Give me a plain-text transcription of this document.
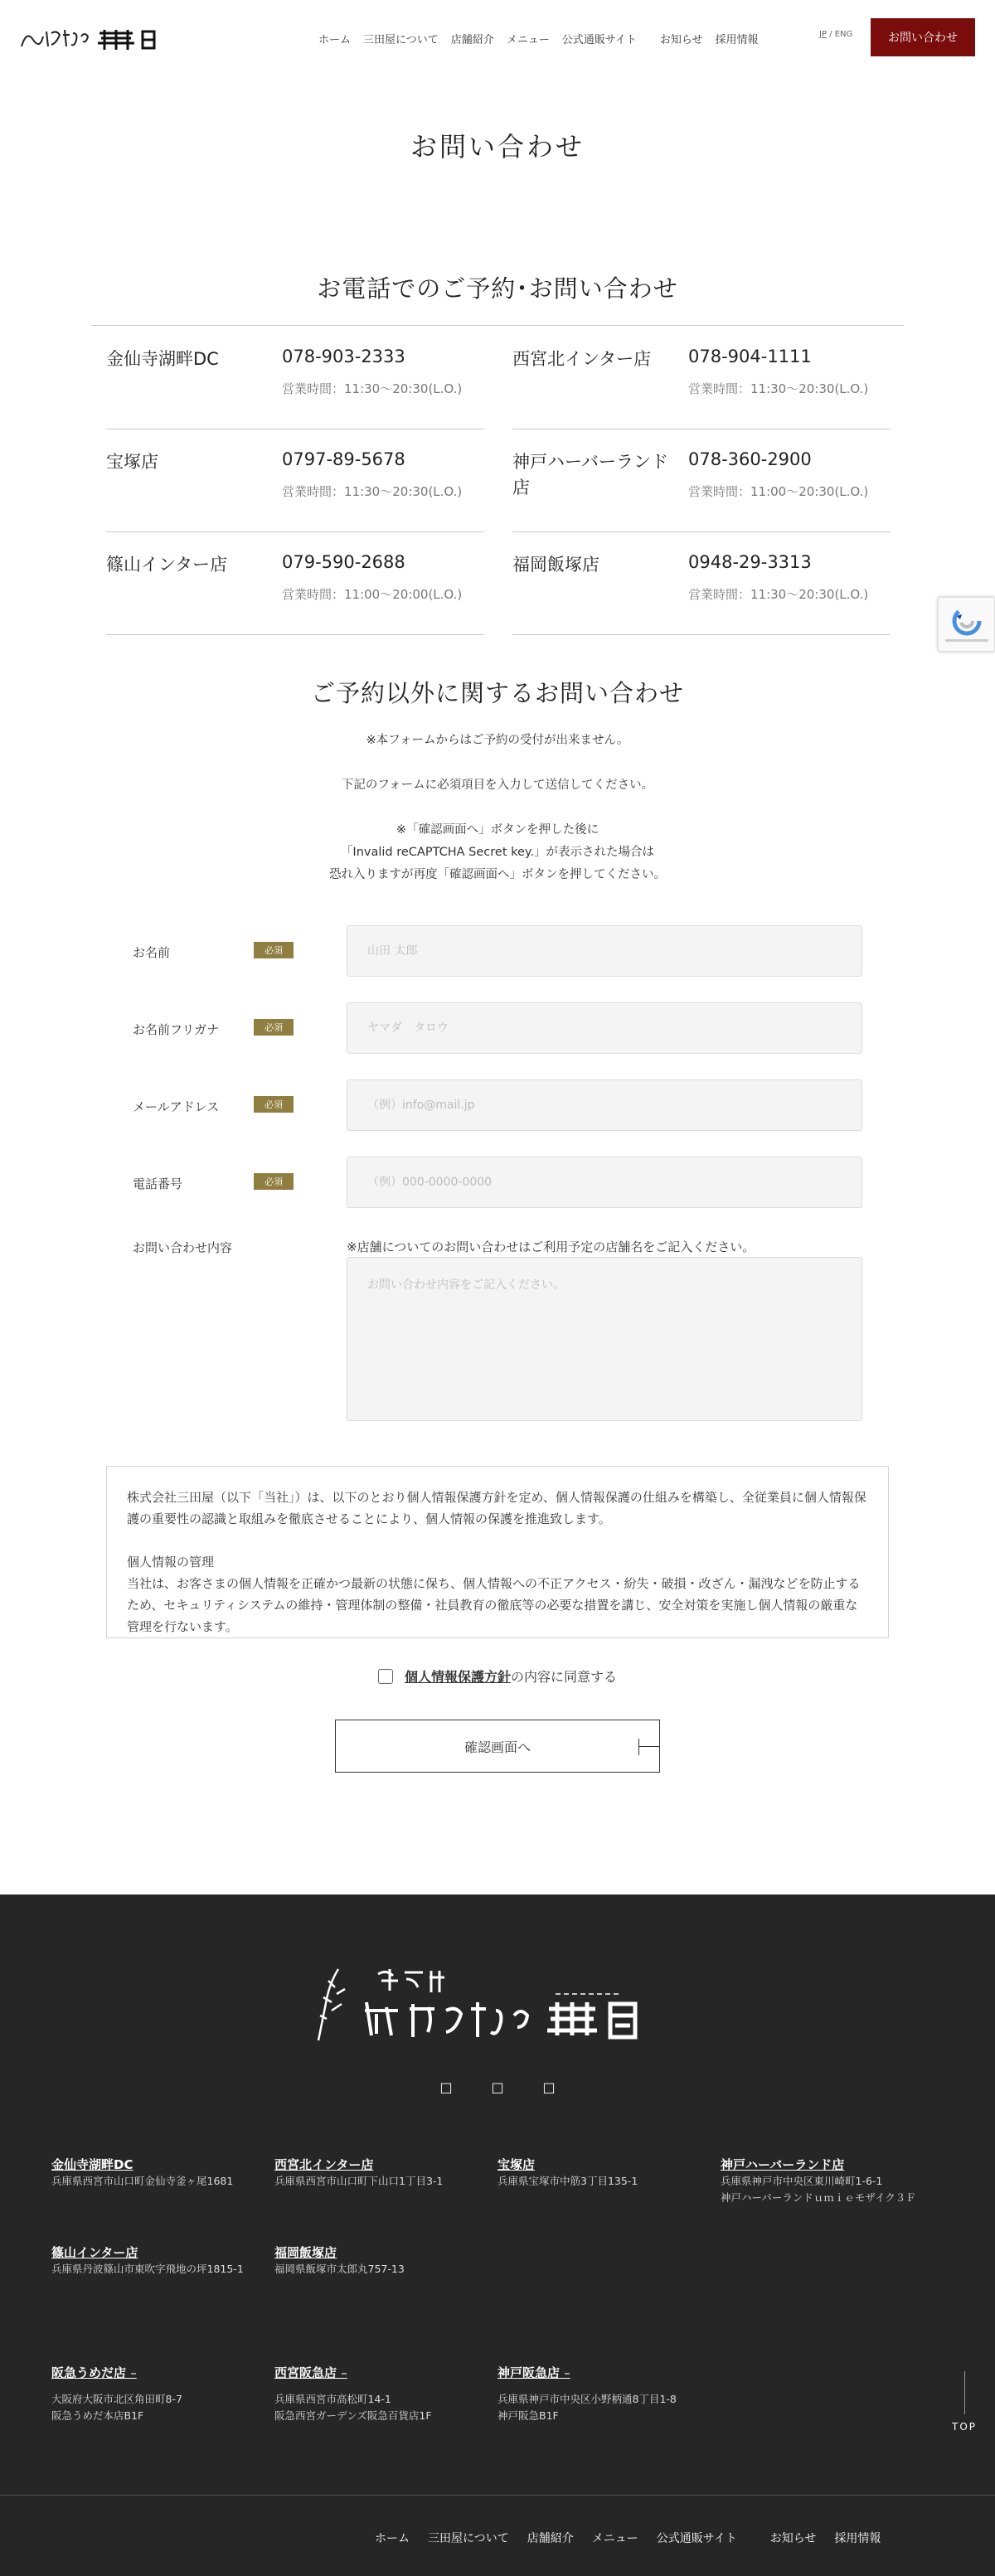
ホーム 三田屋について 店舗紹介 メニュー 公式通販サイト お知らせ 採用情報	JP / ENG	お問い合わせ
お問い合わせ
お電話でのご予約･お問い合わせ
金仙寺湖畔DC	078-903-2333
営業時間：11:30〜20:30(L.O.)
西宮北インター店	078-904-1111
営業時間：11:30〜20:30(L.O.)
宝塚店	0797-89-5678
営業時間：11:30〜20:30(L.O.)
神戸ハーバーランド店
078-360-2900
営業時間：11:00〜20:30(L.O.)
篠山インター店	079-590-2688
営業時間：11:00〜20:00(L.O.)
福岡飯塚店	0948-29-3313
営業時間：11:30〜20:30(L.O.)
ご予約以外に関するお問い合わせ

※本フォームからはご予約の受付が出来ません。

下記のフォームに必須項目を入力して送信してください。

※「確認画面へ」ボタンを押した後に

「Invalid reCAPTCHA Secret key.」が表示された場合は

恐れ入りますが再度「確認画面へ」ボタンを押してください。

お名前	必須
山田 太郎
お名前フリガナ	必須
ヤマダ　タロウ
メールアドレス	必須
（例）info@mail.jp
電話番号	必須
（例）000-0000-0000
お問い合わせ内容	※店舗についてのお問い合わせはご利用予定の店舗名をご記入ください。
お問い合わせ内容をご記入ください。

株式会社三田屋（以下「当社」）は、以下のとおり個人情報保護方針を定め、個人情報保護の仕組みを構築し、全従業員に個人情報保護の重要性の認識と取組みを徹底させることにより、個人情報の保護を推進致します。

個人情報の管理
当社は、お客さまの個人情報を正確かつ最新の状態に保ち、個人情報への不正アクセス・紛失・破損・改ざん・漏洩などを防止するため、セキュリティシステムの維持・管理体制の整備・社員教育の徹底等の必要な措置を講じ、安全対策を実施し個人情報の厳重な管理を行ないます。
個人情報保護方針 の内容に同意する
確認画面へ
□	□	□
金仙寺湖畔DC
兵庫県西宮市山口町金仙寺釜ヶ尾1681
西宮北インター店
兵庫県西宮市山口町下山口1丁目3-1
宝塚店
兵庫県宝塚市中筋3丁目135-1
神戸ハーバーランド店
兵庫県神戸市中央区東川崎町1-6-1
神戸ハーバーランドｕｍｉｅモザイク３Ｆ
篠山インター店
兵庫県丹波篠山市東吹字飛地の坪1815-1
福岡飯塚店
福岡県飯塚市太郎丸757-13
阪急うめだ店 –
大阪府大阪市北区角田町8-7
阪急うめだ本店B1F
西宮阪急店 –
兵庫県西宮市高松町14-1
阪急西宮ガーデンズ阪急百貨店1F
神戸阪急店 –
兵庫県神戸市中央区小野柄通8丁目1-8
神戸阪急B1F
TOP
ホーム 三田屋について 店舗紹介 メニュー 公式通販サイト	お知らせ 採用情報
